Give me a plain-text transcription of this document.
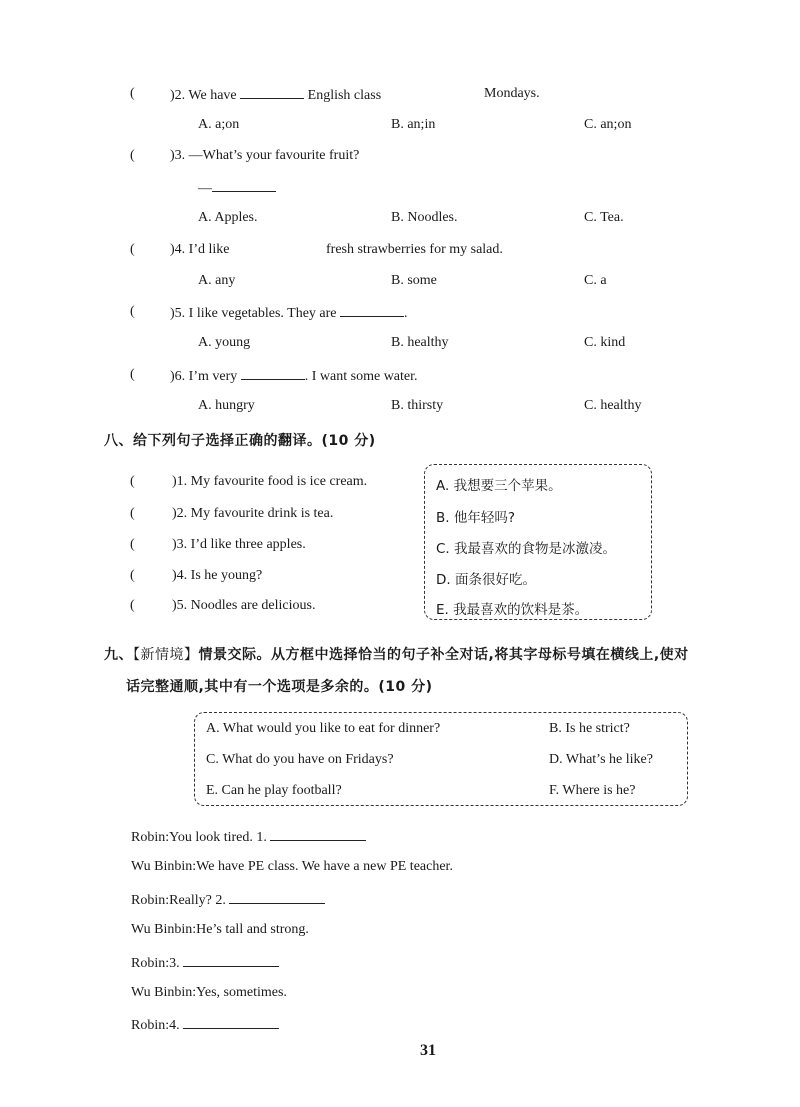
(	)2. We have	English class	Mondays.
A. a;on	B. an;in	C. an;on
(	)3. —What’s your favourite fruit?
—
A. Apples.	B. Noodles.	C. Tea.
(	)4. I’d like	fresh strawberries for my salad.
A. any	B. some	C. a
(	)5. I like vegetables. They are	.
A. young	B. healthy	C. kind
(	)6. I’m very	. I want some water.
A. hungry	B. thirsty	C. healthy
八、给下列句子选择正确的翻译。(10 分)
(	)1. My favourite food is ice cream.
(	)2. My favourite drink is tea.
(	)3. I’d like three apples.
(	)4. Is he young?
(	)5. Noodles are delicious.
A. 我想要三个苹果。
B. 他年轻吗?
C. 我最喜欢的食物是冰激凌。
D. 面条很好吃。
E. 我最喜欢的饮料是茶。
九、【新情境】情景交际。从方框中选择恰当的句子补全对话,将其字母标号填在横线上,使对
话完整通顺,其中有一个选项是多余的。(10 分)
A. What would you like to eat for dinner?	B. Is he strict?
C. What do you have on Fridays?	D. What’s he like?
E. Can he play football?	F. Where is he?
Robin:You look tired. 1.
Wu Binbin:We have PE class. We have a new PE teacher.
Robin:Really? 2.
Wu Binbin:He’s tall and strong.
Robin:3.
Wu Binbin:Yes, sometimes.
Robin:4.
31
